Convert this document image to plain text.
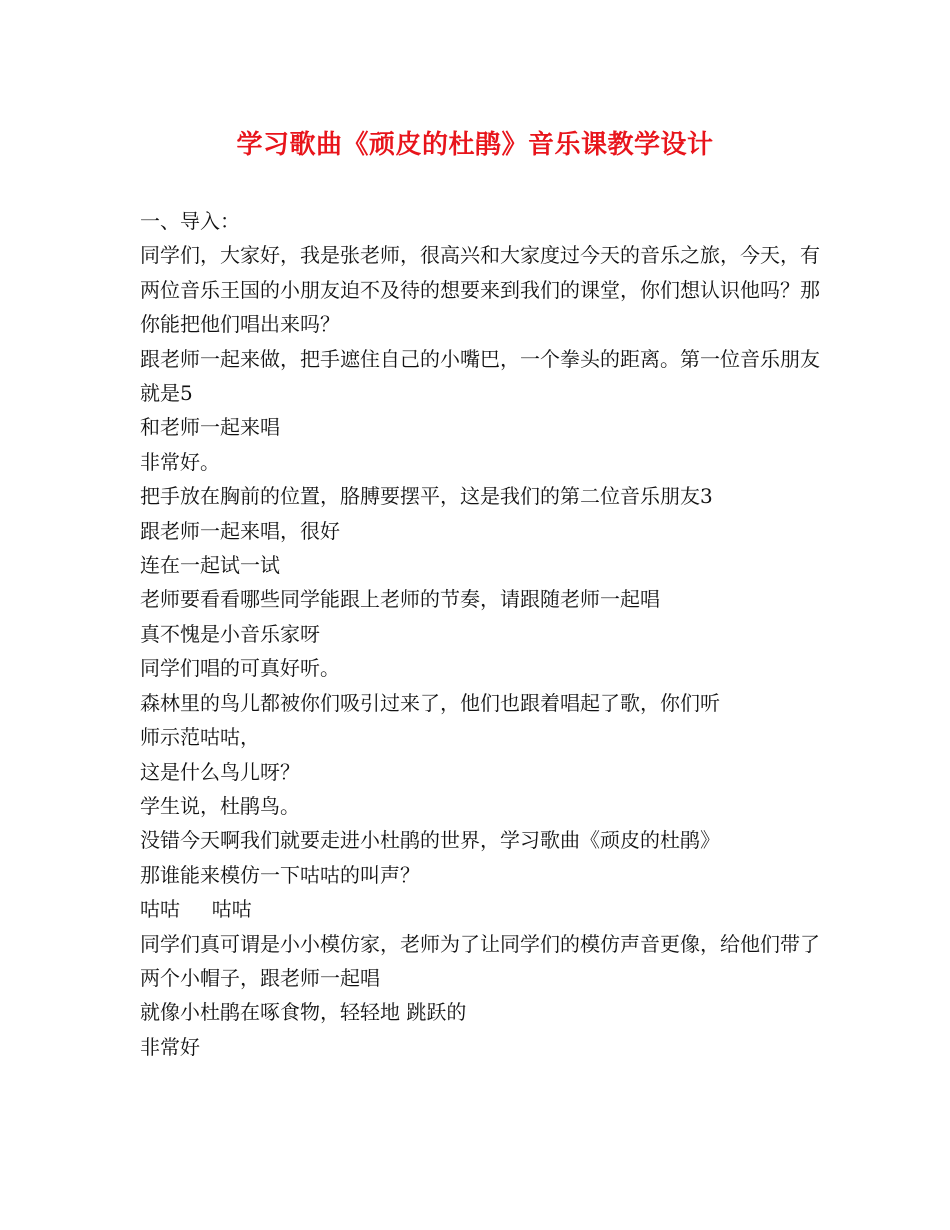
学习歌曲《顽皮的杜鹃》音乐课教学设计

一、导入：

同学们，大家好，我是张老师，很高兴和大家度过今天的音乐之旅，今天，有两位音乐王国的小朋友迫不及待的想要来到我们的课堂，你们想认识他吗？那你能把他们唱出来吗？

跟老师一起来做，把手遮住自己的小嘴巴，一个拳头的距离。第一位音乐朋友就是5

和老师一起来唱

非常好。

把手放在胸前的位置，胳膊要摆平，这是我们的第二位音乐朋友3

跟老师一起来唱，很好

连在一起试一试

老师要看看哪些同学能跟上老师的节奏，请跟随老师一起唱

真不愧是小音乐家呀

同学们唱的可真好听。

森林里的鸟儿都被你们吸引过来了，他们也跟着唱起了歌，你们听

师示范咕咕，

这是什么鸟儿呀？

学生说，杜鹃鸟。

没错今天啊我们就要走进小杜鹃的世界，学习歌曲《顽皮的杜鹃》

那谁能来模仿一下咕咕的叫声？

咕咕     咕咕

同学们真可谓是小小模仿家，老师为了让同学们的模仿声音更像，给他们带了两个小帽子，跟老师一起唱

就像小杜鹃在啄食物，轻轻地 跳跃的

非常好
